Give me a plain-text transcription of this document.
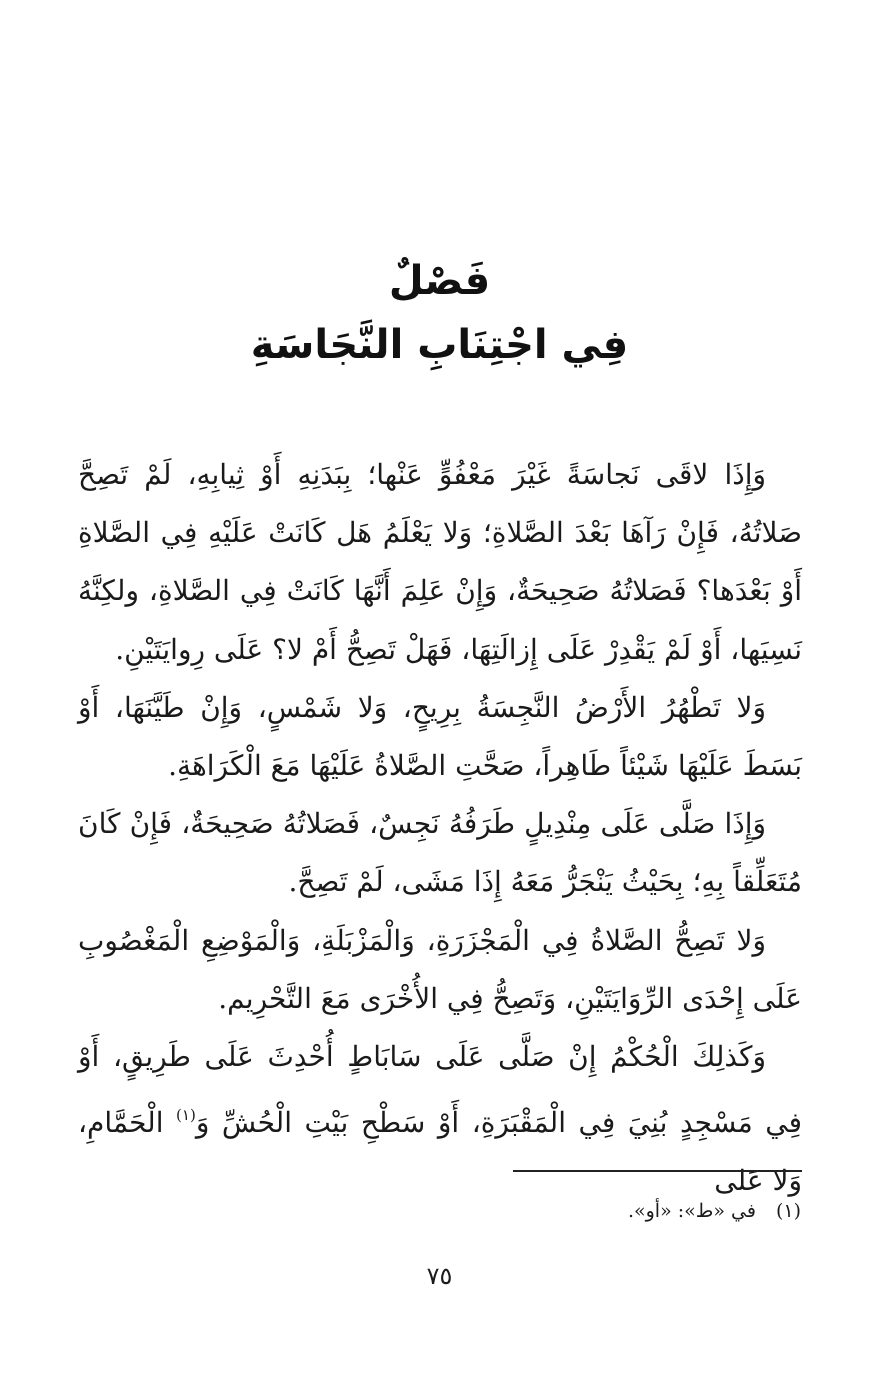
فَصْلٌ
فِي اجْتِنَابِ النَّجَاسَةِ

وَإِذَا لاقَى نَجاسَةً غَيْرَ مَعْفُوٍّ عَنْها؛ بِبَدَنِهِ أَوْ ثِيابِهِ، لَمْ تَصِحَّ صَلاتُهُ، فَإِنْ رَآهَا بَعْدَ الصَّلاةِ؛ وَلا يَعْلَمُ هَل كَانَتْ عَلَيْهِ فِي الصَّلاةِ أَوْ بَعْدَها؟ فَصَلاتُهُ صَحِيحَةٌ، وَإِنْ عَلِمَ أَنَّهَا كَانَتْ فِي الصَّلاةِ، ولكِنَّهُ نَسِيَها، أَوْ لَمْ يَقْدِرْ عَلَى إِزالَتِهَا، فَهَلْ تَصِحُّ أَمْ لا؟ عَلَى رِوايَتَيْنِ.

وَلا تَطْهُرُ الأَرْضُ النَّجِسَةُ بِرِيحٍ، وَلا شَمْسٍ، وَإِنْ طَيَّنَهَا، أَوْ بَسَطَ عَلَيْهَا شَيْئاً طَاهِراً، صَحَّتِ الصَّلاةُ عَلَيْهَا مَعَ الْكَرَاهَةِ.

وَإِذَا صَلَّى عَلَى مِنْدِيلٍ طَرَفُهُ نَجِسٌ، فَصَلاتُهُ صَحِيحَةٌ، فَإِنْ كَانَ مُتَعَلِّقاً بِهِ؛ بِحَيْثُ يَنْجَرُّ مَعَهُ إِذَا مَشَى، لَمْ تَصِحَّ.

وَلا تَصِحُّ الصَّلاةُ فِي الْمَجْزَرَةِ، وَالْمَزْبَلَةِ، وَالْمَوْضِعِ الْمَغْصُوبِ عَلَى إِحْدَى الرِّوَايَتَيْنِ، وَتَصِحُّ فِي الأُخْرَى مَعَ التَّحْرِيم.

وَكَذلِكَ الْحُكْمُ إِنْ صَلَّى عَلَى سَابَاطٍ أُحْدِثَ عَلَى طَرِيقٍ، أَوْ فِي مَسْجِدٍ بُنِيَ فِي الْمَقْبَرَةِ، أَوْ سَطْحِ بَيْتِ الْحُشِّ وَ$^{(١)}$ الْحَمَّامِ، وَلا عَلى

(١)في «ط»: «أو».
٧٥
